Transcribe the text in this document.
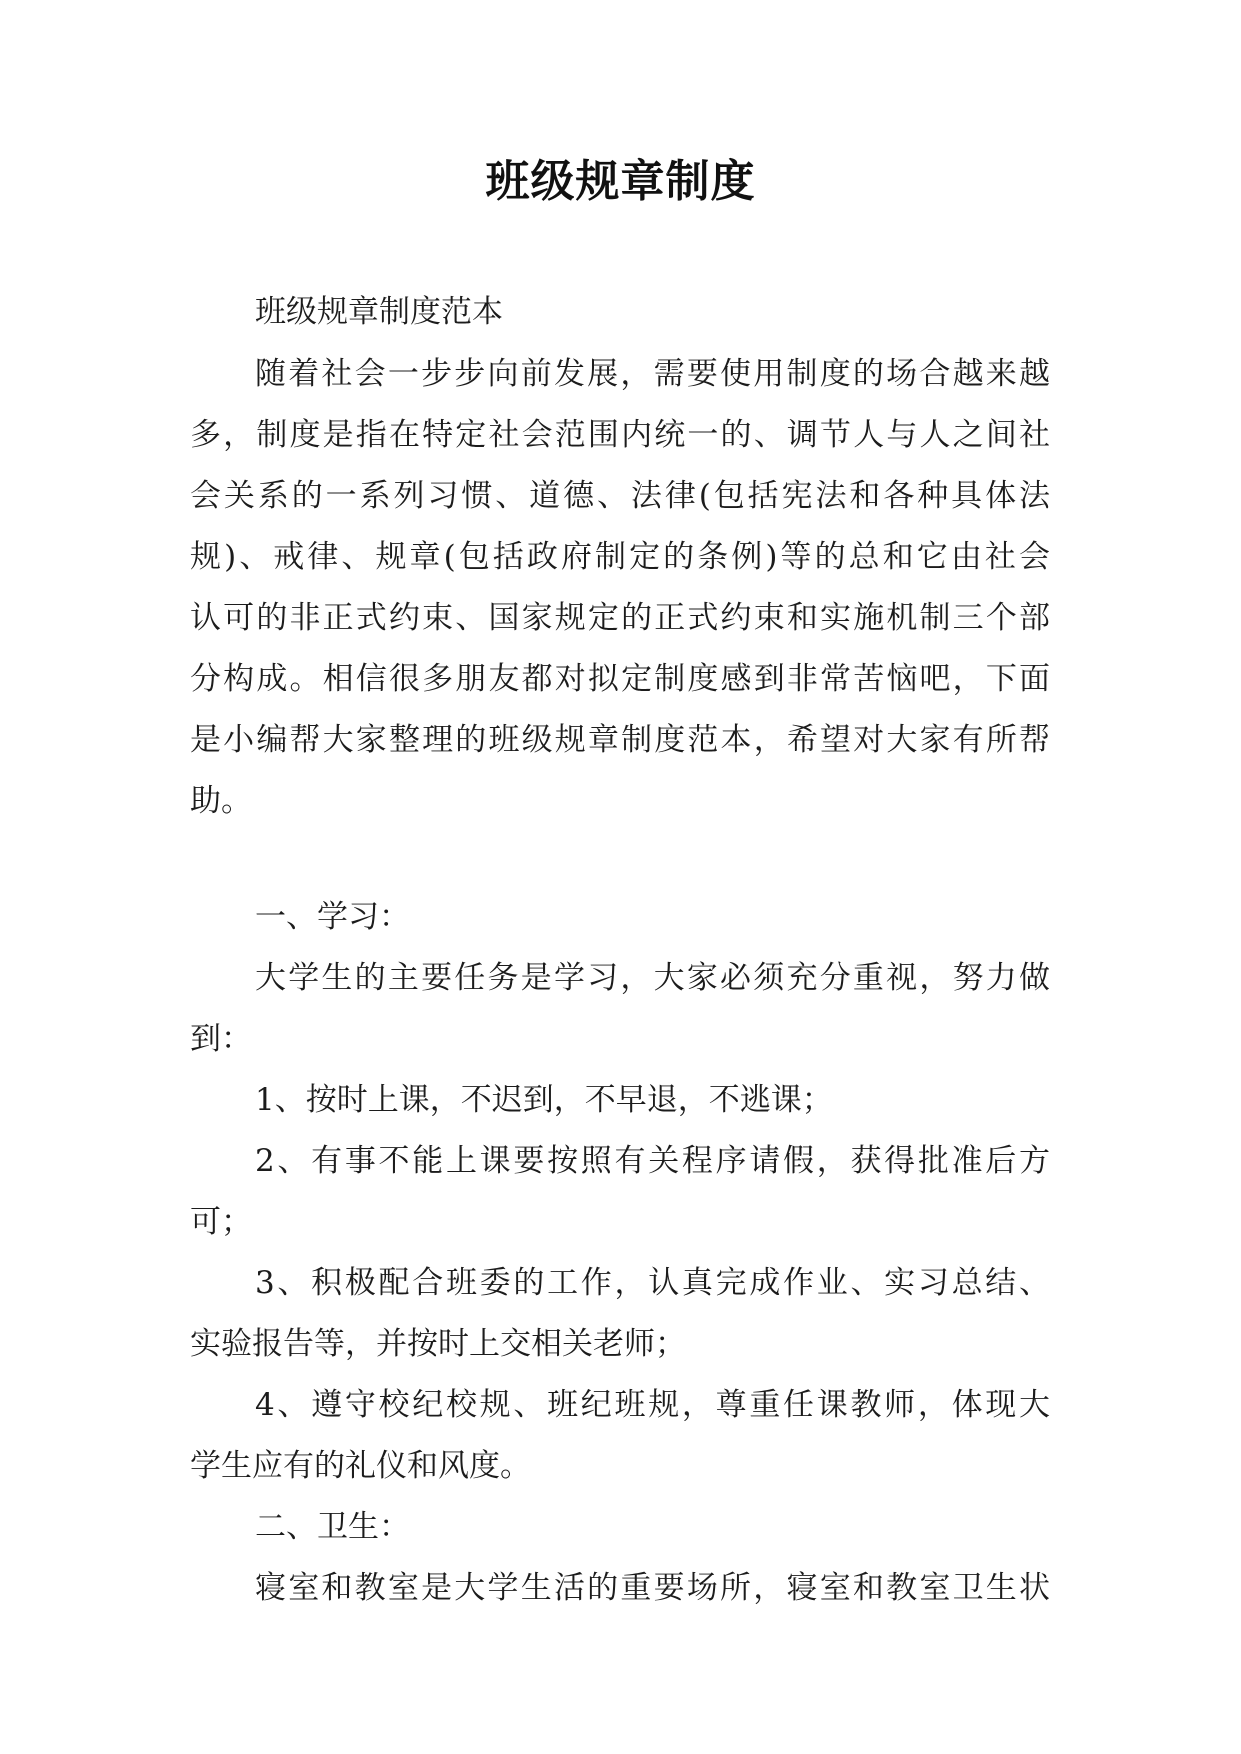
班级规章制度
班级规章制度范本
随着社会一步步向前发展，需要使用制度的场合越来越
多，制度是指在特定社会范围内统一的、调节人与人之间社
会关系的一系列习惯、道德、法律(包括宪法和各种具体法
规)、戒律、规章(包括政府制定的条例)等的总和它由社会
认可的非正式约束、国家规定的正式约束和实施机制三个部
分构成。相信很多朋友都对拟定制度感到非常苦恼吧，下面
是小编帮大家整理的班级规章制度范本，希望对大家有所帮
助。
一、学习：
大学生的主要任务是学习，大家必须充分重视，努力做
到：
1、按时上课，不迟到，不早退，不逃课；
2、有事不能上课要按照有关程序请假，获得批准后方
可；
3、积极配合班委的工作，认真完成作业、实习总结、
实验报告等，并按时上交相关老师；
4、遵守校纪校规、班纪班规，尊重任课教师，体现大
学生应有的礼仪和风度。
二、卫生：
寝室和教室是大学生活的重要场所，寝室和教室卫生状
